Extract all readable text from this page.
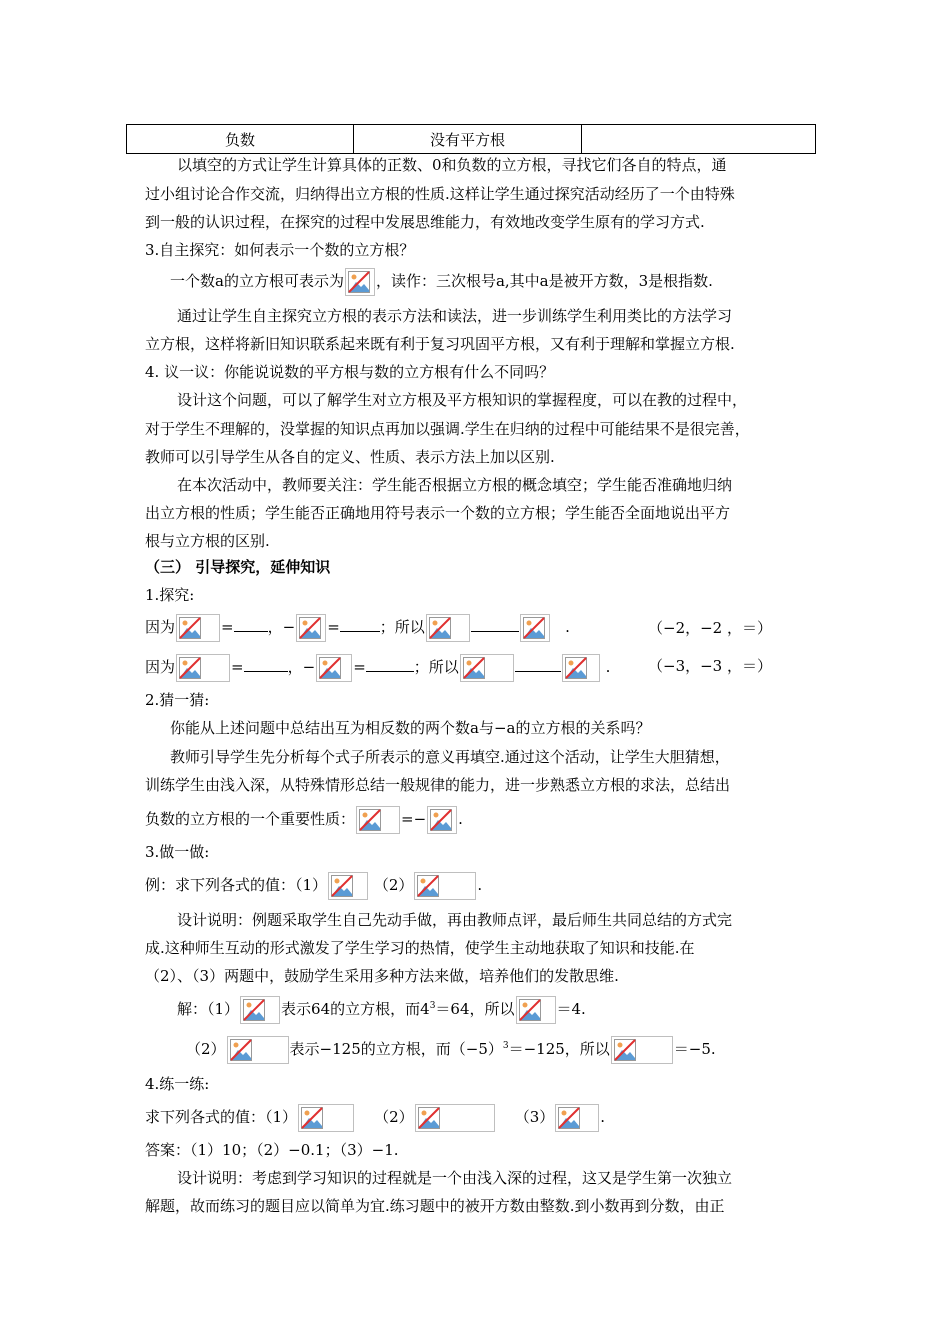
负数	没有平方根	
以填空的方式让学生计算具体的正数、0和负数的立方根，寻找它们各自的特点，通
过小组讨论合作交流，归纳得出立方根的性质.这样让学生通过探究活动经历了一个由特殊
到一般的认识过程，在探究的过程中发展思维能力，有效地改变学生原有的学习方式.
3.自主探究：如何表示一个数的立方根？
一个数a的立方根可表示为 ，读作：三次根号a,其中a是被开方数，3是根指数.
通过让学生自主探究立方根的表示方法和读法，进一步训练学生利用类比的方法学习
立方根，这样将新旧知识联系起来既有利于复习巩固平方根，又有利于理解和掌握立方根.
4. 议一议：你能说说数的平方根与数的立方根有什么不同吗？
设计这个问题，可以了解学生对立方根及平方根知识的掌握程度，可以在教的过程中，
对于学生不理解的，没掌握的知识点再加以强调.学生在归纳的过程中可能结果不是很完善，
教师可以引导学生从各自的定义、性质、表示方法上加以区别.
在本次活动中，教师要关注：学生能否根据立方根的概念填空；学生能否准确地归纳
出立方根的性质；学生能否正确地用符号表示一个数的立方根；学生能否全面地说出平方
根与立方根的区别.
（三） 引导探究，延伸知识
1.探究:
因为	= ，− =	；所以	.	（−2，−2 ，＝）
因为	=	，−	=	；所以	.	（−3，−3 ，＝）
2.猜一猜:
你能从上述问题中总结出互为相反数的两个数a与−a的立方根的关系吗？
教师引导学生先分析每个式子所表示的意义再填空.通过这个活动，让学生大胆猜想，
训练学生由浅入深，从特殊情形总结一般规律的能力，进一步熟悉立方根的求法，总结出
负数的立方根的一个重要性质：	=− .
3.做一做:
例：求下列各式的值：（1）	（2）	.
设计说明：例题采取学生自己先动手做，再由教师点评，最后师生共同总结的方式完
成.这种师生互动的形式激发了学生学习的热情，使学生主动地获取了知识和技能.在
（2）、（3）两题中，鼓励学生采用多种方法来做，培养他们的发散思维.
解：（1）	表示64的立方根，而$4^3=64$，所以	＝4.
（2）	表示−125的立方根，而$(-5)^3=-125$，所以	＝−5.
4.练一练:
求下列各式的值：（1）	（2）	（3）	.
答案：（1）10；（2）−0.1；（3）−1.
设计说明：考虑到学习知识的过程就是一个由浅入深的过程，这又是学生第一次独立
解题，故而练习的题目应以简单为宜.练习题中的被开方数由整数.到小数再到分数，由正
